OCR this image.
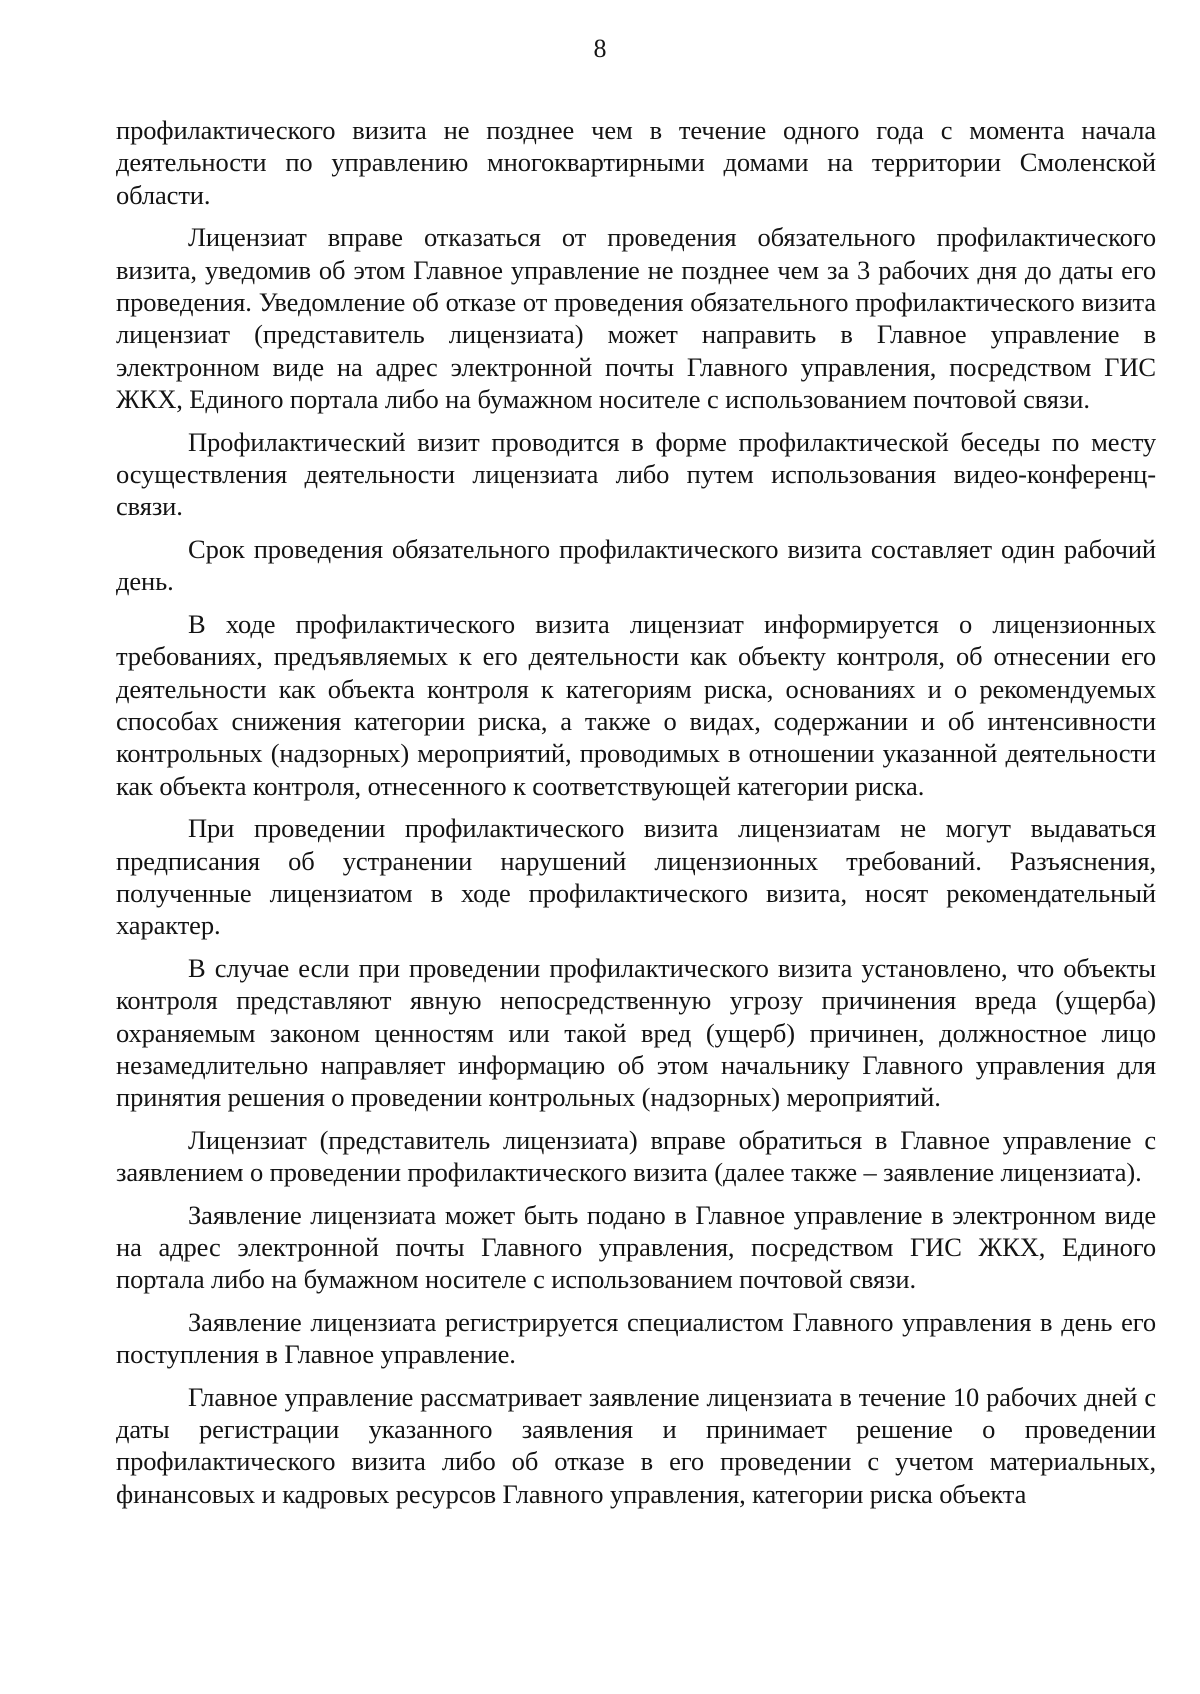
8

профилактического визита не позднее чем в течение одного года с момента начала деятельности по управлению многоквартирными домами на территории Смоленской области.

Лицензиат вправе отказаться от проведения обязательного профилактического визита, уведомив об этом Главное управление не позднее чем за 3 рабочих дня до даты его проведения. Уведомление об отказе от проведения обязательного профилактического визита лицензиат (представитель лицензиата) может направить в Главное управление в электронном виде на адрес электронной почты Главного управления, посредством ГИС ЖКХ, Единого портала либо на бумажном носителе с использованием почтовой связи.

Профилактический визит проводится в форме профилактической беседы по месту осуществления деятельности лицензиата либо путем использования видео-конференц-связи.

Срок проведения обязательного профилактического визита составляет один рабочий день.

В ходе профилактического визита лицензиат информируется о лицензионных требованиях, предъявляемых к его деятельности как объекту контроля, об отнесении его деятельности как объекта контроля к категориям риска, основаниях и о рекомендуемых способах снижения категории риска, а также о видах, содержании и об интенсивности контрольных (надзорных) мероприятий, проводимых в отношении указанной деятельности как объекта контроля, отнесенного к соответствующей категории риска.

При проведении профилактического визита лицензиатам не могут выдаваться предписания об устранении нарушений лицензионных требований. Разъяснения, полученные лицензиатом в ходе профилактического визита, носят рекомендательный характер.

В случае если при проведении профилактического визита установлено, что объекты контроля представляют явную непосредственную угрозу причинения вреда (ущерба) охраняемым законом ценностям или такой вред (ущерб) причинен, должностное лицо незамедлительно направляет информацию об этом начальнику Главного управления для принятия решения о проведении контрольных (надзорных) мероприятий.

Лицензиат (представитель лицензиата) вправе обратиться в Главное управление с заявлением о проведении профилактического визита (далее также – заявление лицензиата).

Заявление лицензиата может быть подано в Главное управление в электронном виде на адрес электронной почты Главного управления, посредством ГИС ЖКХ, Единого портала либо на бумажном носителе с использованием почтовой связи.

Заявление лицензиата регистрируется специалистом Главного управления в день его поступления в Главное управление.

Главное управление рассматривает заявление лицензиата в течение 10 рабочих дней с даты регистрации указанного заявления и принимает решение о проведении профилактического визита либо об отказе в его проведении с учетом материальных, финансовых и кадровых ресурсов Главного управления, категории риска объекта
